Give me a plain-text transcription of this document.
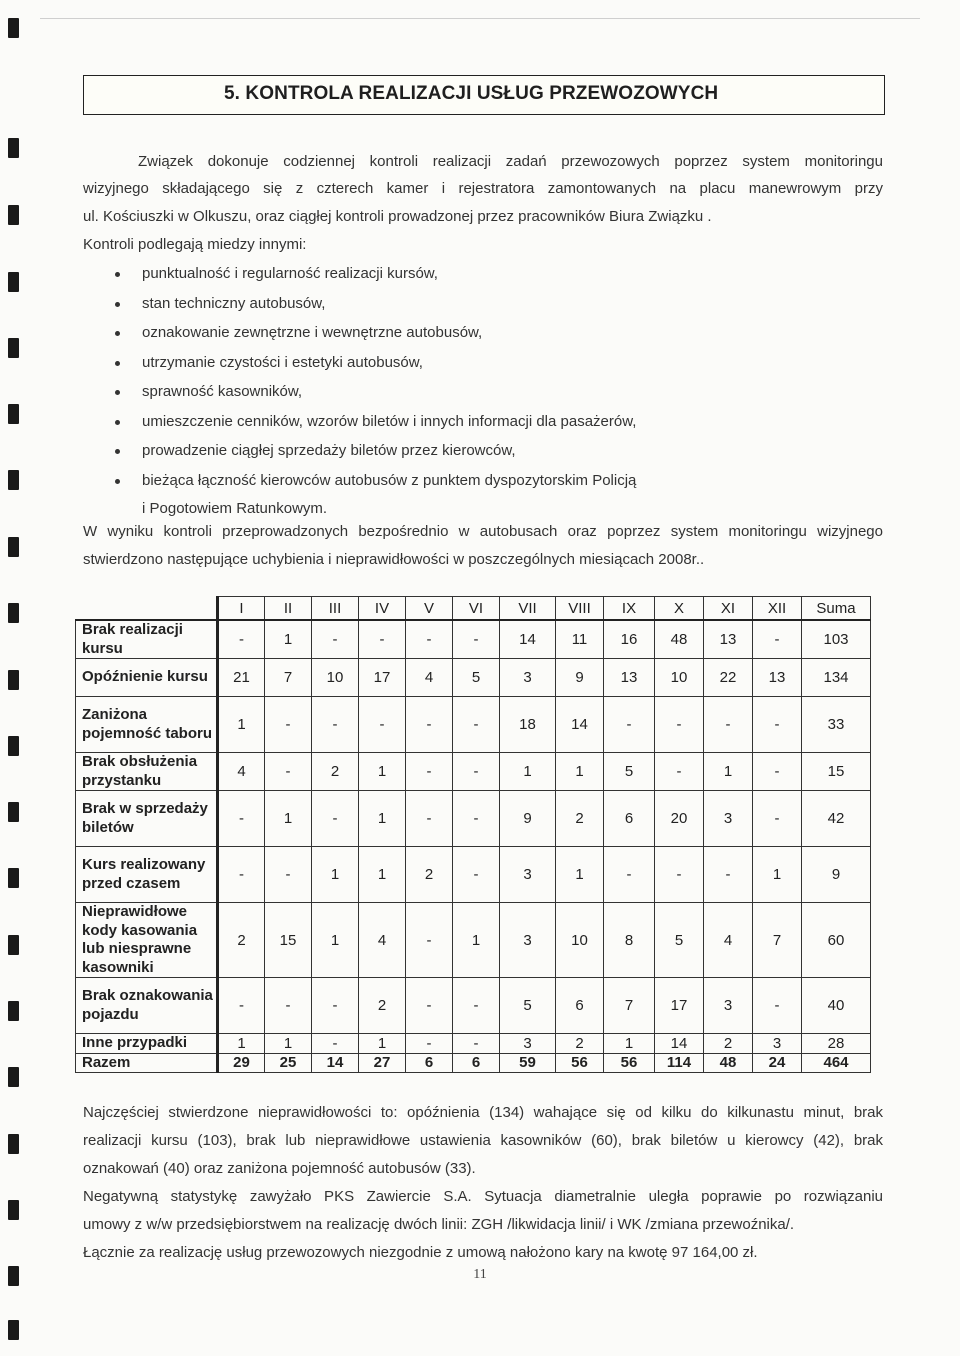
5. KONTROLA REALIZACJI USŁUG PRZEWOZOWYCH

Związek dokonuje codziennej kontroli realizacji zadań przewozowych poprzez system monitoringu

wizyjnego składającego się z czterech kamer i rejestratora zamontowanych na placu manewrowym przy

ul. Kościuszki w Olkuszu, oraz ciągłej kontroli prowadzonej przez pracowników Biura Związku .

Kontroli podlegają miedzy innymi:

punktualność i regularność realizacji kursów,
stan techniczny autobusów,
oznakowanie zewnętrzne i wewnętrzne autobusów,
utrzymanie czystości i estetyki autobusów,
sprawność kasowników,
umieszczenie cenników, wzorów biletów i innych informacji dla pasażerów,
prowadzenie ciągłej sprzedaży biletów przez kierowców,
bieżąca łączność kierowców autobusów z punktem dyspozytorskim Policją
i Pogotowiem Ratunkowym.

W wyniku kontroli przeprowadzonych bezpośrednio w autobusach oraz poprzez system monitoringu wizyjnego

stwierdzono następujące uchybienia i nieprawidłowości w poszczególnych miesiącach 2008r..

	I	II	III	IV	V	VI	VII	VIII	IX	X	XI	XII	Suma
Brak realizacji kursu	-	1	-	-	-	-	14	11	16	48	13	-	103
Opóźnienie kursu	21	7	10	17	4	5	3	9	13	10	22	13	134
Zaniżona pojemność taboru	1	-	-	-	-	-	18	14	-	-	-	-	33
Brak obsłużenia przystanku	4	-	2	1	-	-	1	1	5	-	1	-	15
Brak w sprzedaży biletów	-	1	-	1	-	-	9	2	6	20	3	-	42
Kurs realizowany przed czasem	-	-	1	1	2	-	3	1	-	-	-	1	9
Nieprawidłowe kody kasowania lub niesprawne kasowniki	2	15	1	4	-	1	3	10	8	5	4	7	60
Brak oznakowania pojazdu	-	-	-	2	-	-	5	6	7	17	3	-	40
Inne przypadki	1	1	-	1	-	-	3	2	1	14	2	3	28
Razem	29	25	14	27	6	6	59	56	56	114	48	24	464

Najczęściej stwierdzone nieprawidłowości to: opóźnienia (134) wahające się od kilku do kilkunastu minut, brak

realizacji kursu (103), brak lub nieprawidłowe ustawienia kasowników (60), brak biletów u kierowcy (42), brak

oznakowań (40) oraz zaniżona pojemność autobusów (33).

Negatywną statystykę zawyżało PKS Zawiercie S.A. Sytuacja diametralnie uległa poprawie po rozwiązaniu

umowy z w/w przedsiębiorstwem na realizację dwóch linii: ZGH /likwidacja linii/ i WK /zmiana przewoźnika/.

Łącznie za realizację usług przewozowych niezgodnie z umową nałożono kary na kwotę 97 164,00 zł.

11
